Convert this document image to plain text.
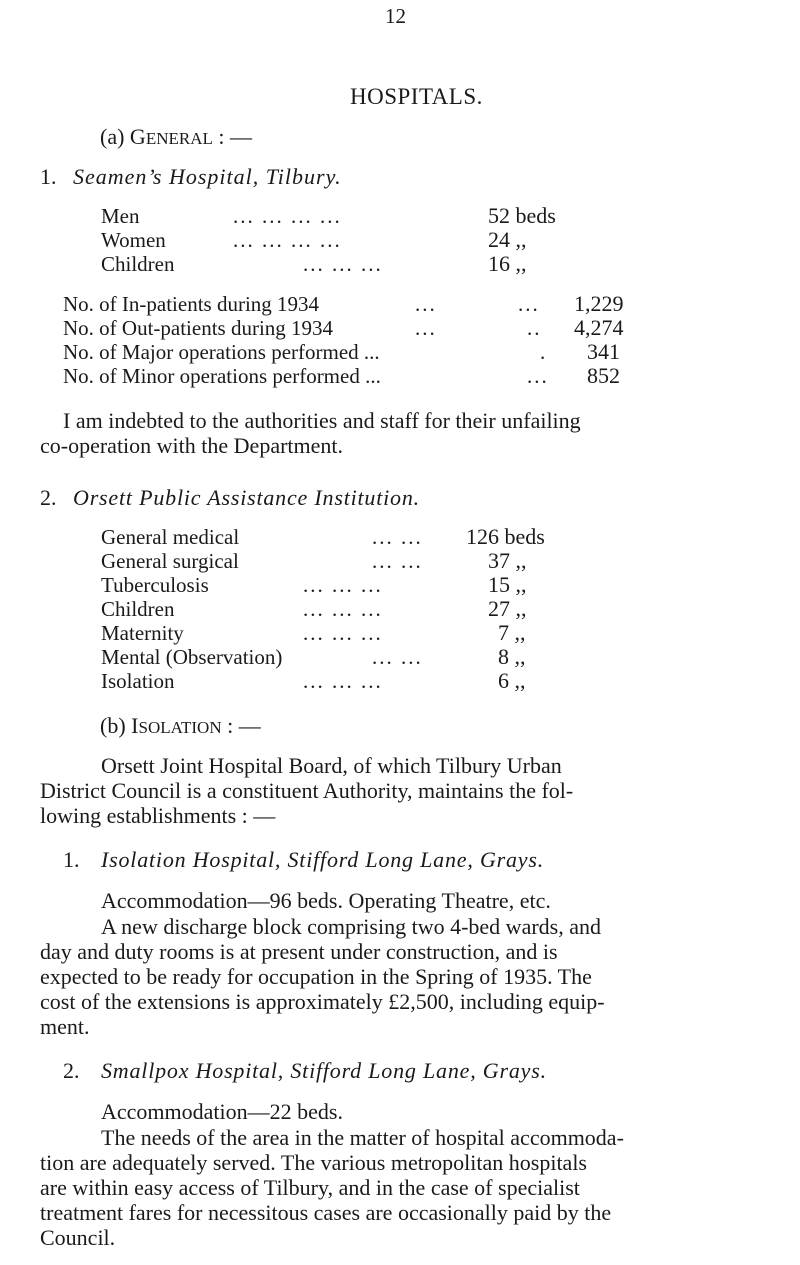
12
HOSPITALS.
(a) GENERAL : —
1. Seamen’s Hospital, Tilbury.
Men	... ... ... ...	52 beds
Women	... ... ... ...	24 ,,
Children	... ... ...	16 ,,
No. of In-patients during 1934	...	... 1,229
No. of Out-patients during 1934	...	.. 4,274
No. of Major operations performed ...	. 341
No. of Minor operations performed ...	... 852
I am indebted to the authorities and staff for their unfailing
co-operation with the Department.
2. Orsett Public Assistance Institution.
General medical	... ... 126 beds
General surgical	... ...	37 ,,
Tuberculosis	... ... ...	15 ,,
Children	... ... ...	27 ,,
Maternity	... ... ...	7 ,,
Mental (Observation)	... ...	8 ,,
Isolation	... ... ...	6 ,,
(b) ISOLATION : —
Orsett Joint Hospital Board, of which Tilbury Urban
District Council is a constituent Authority, maintains the fol-
lowing establishments : —
1. Isolation Hospital, Stifford Long Lane, Grays.
Accommodation—96 beds. Operating Theatre, etc.
A new discharge block comprising two 4-bed wards, and
day and duty rooms is at present under construction, and is
expected to be ready for occupation in the Spring of 1935. The
cost of the extensions is approximately £2,500, including equip-
ment.
2. Smallpox Hospital, Stifford Long Lane, Grays.
Accommodation—22 beds.
The needs of the area in the matter of hospital accommoda-
tion are adequately served. The various metropolitan hospitals
are within easy access of Tilbury, and in the case of specialist
treatment fares for necessitous cases are occasionally paid by the
Council.
